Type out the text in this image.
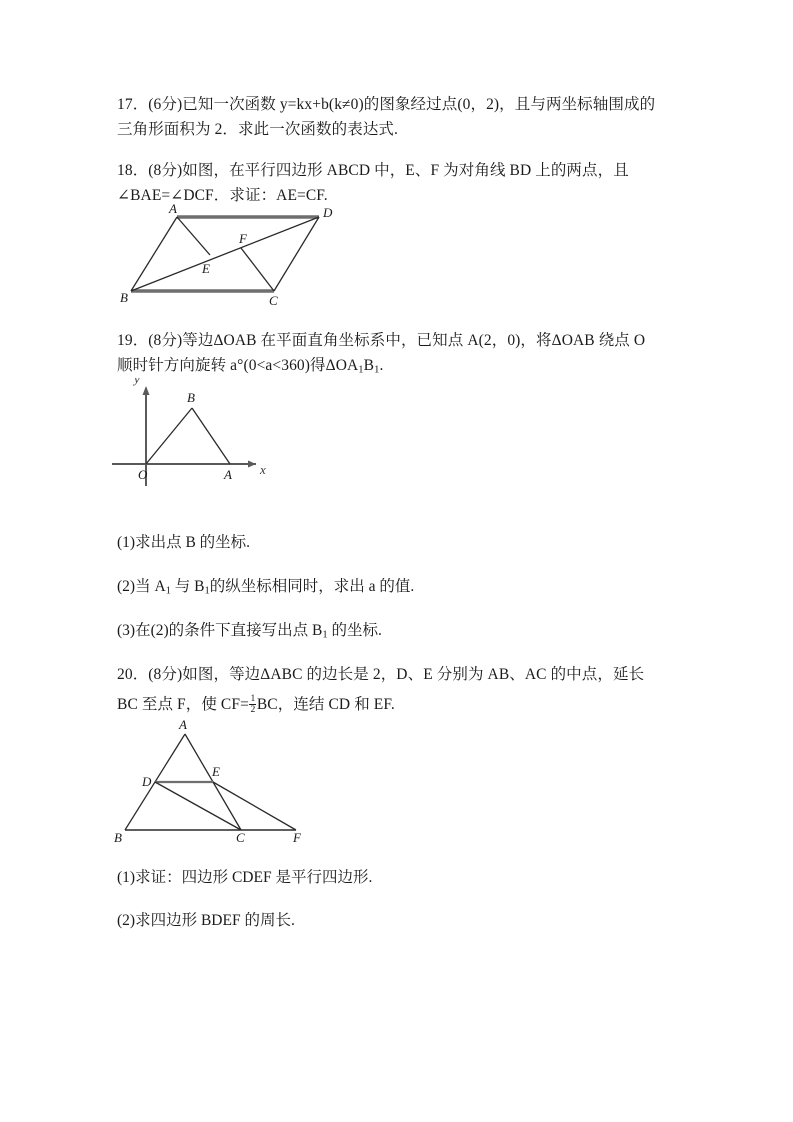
17．(6分)已知一次函数 y=kx+b(k≠0)的图象经过点(0，2)，且与两坐标轴围成的
三角形面积为 2．求此一次函数的表达式.
18．(8分)如图，在平行四边形 ABCD 中，E、F 为对角线 BD 上的两点，且
∠BAE=∠DCF．求证：AE=CF.
A
B	C
D
E
F
19．(8分)等边ΔOAB 在平面直角坐标系中，已知点 A(2，0)，将ΔOAB 绕点 O
顺时针方向旋转 a°(0<a<360)得$\Delta OA_1B_1$.
y
x
O	A
B
(1)求出点 B 的坐标.
(2)当 $A_1$ 与 $B_1$的纵坐标相同时，求出 a 的值.
(3)在(2)的条件下直接写出点 $B_1$ 的坐标.
20．(8分)如图，等边ΔABC 的边长是 2，D、E 分别为 AB、AC 的中点，延长
BC 至点 F，使 $CF= \frac{1}{2}$ BC，连结 CD 和 EF.
A
B	C
D
E
F
(1)求证：四边形 CDEF 是平行四边形.
(2)求四边形 BDEF 的周长.
